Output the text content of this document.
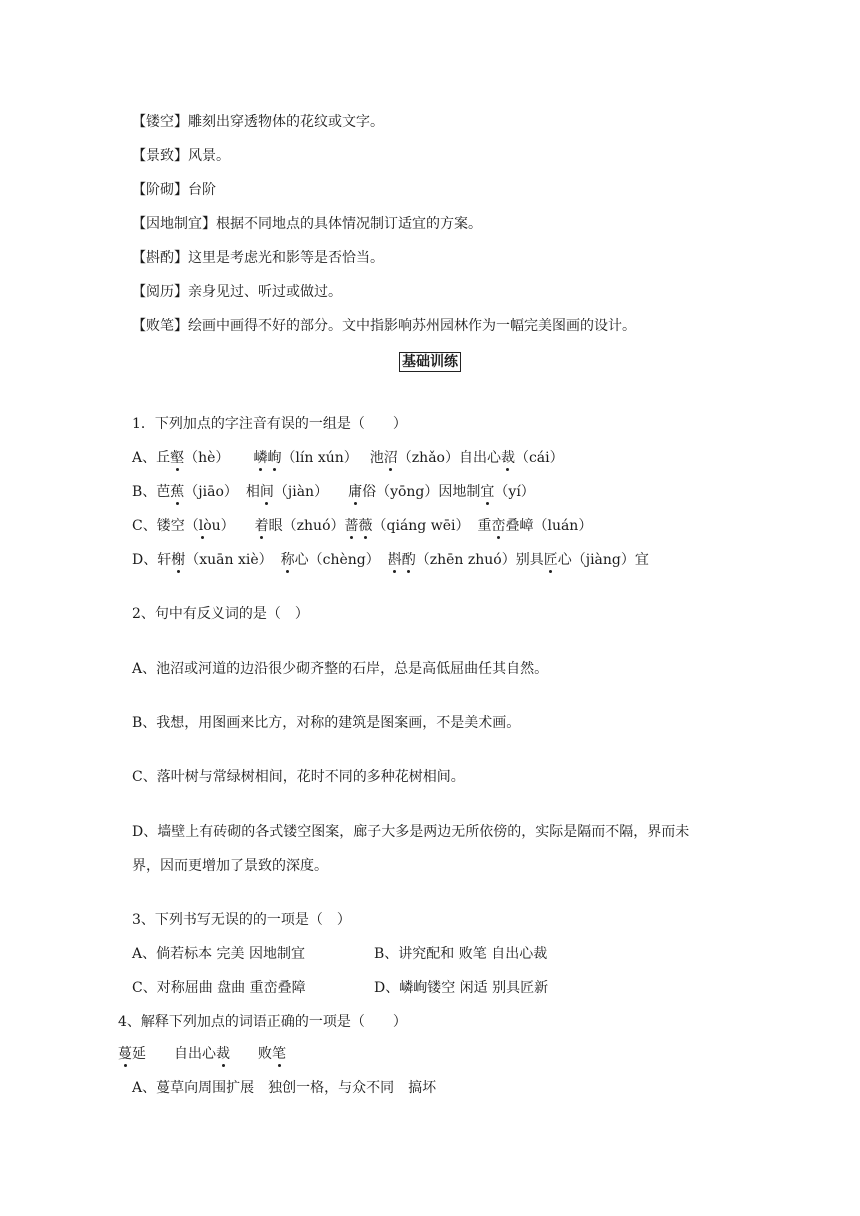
【镂空】雕刻出穿透物体的花纹或文字。
【景致】风景。
【阶砌】台阶
【因地制宜】根据不同地点的具体情况制订适宜的方案。
【斟酌】这里是考虑光和影等是否恰当。
【阅历】亲身见过、听过或做过。
【败笔】绘画中画得不好的部分。文中指影响苏州园林作为一幅完美图画的设计。
基础训练
1．下列加点的字注音有误的一组是（　　）
A、丘壑（hè） 嶙峋（lín xún） 池沼（zhǎo）自出心裁（cái）
B、芭蕉（jiāo） 相间（jiàn） 庸俗（yōng）因地制宜（yí）
C、镂空（lòu） 着眼（zhuó）蔷薇（qiáng wēi） 重峦叠嶂（luán）
D、轩榭（xuān xiè） 称心（chèng） 斟酌（zhēn zhuó）别具匠心（jiàng）宜
2、句中有反义词的是（　）
A、池沼或河道的边沿很少砌齐整的石岸，总是高低屈曲任其自然。
B、我想，用图画来比方，对称的建筑是图案画，不是美术画。
C、落叶树与常绿树相间，花时不同的多种花树相间。
D、墙壁上有砖砌的各式镂空图案，廊子大多是两边无所依傍的，实际是隔而不隔，界而未
界，因而更增加了景致的深度。
3、下列书写无误的的一项是（　）
A、倘若标本 完美 因地制宜	B、讲究配和 败笔 自出心裁
C、对称屈曲 盘曲 重峦叠障	D、嶙峋镂空 闲适 别具匠新
4、解释下列加点的词语正确的一项是（　　）
蔓延 自出心裁 败笔
A、蔓草向周围扩展　独创一格，与众不同　搞坏
